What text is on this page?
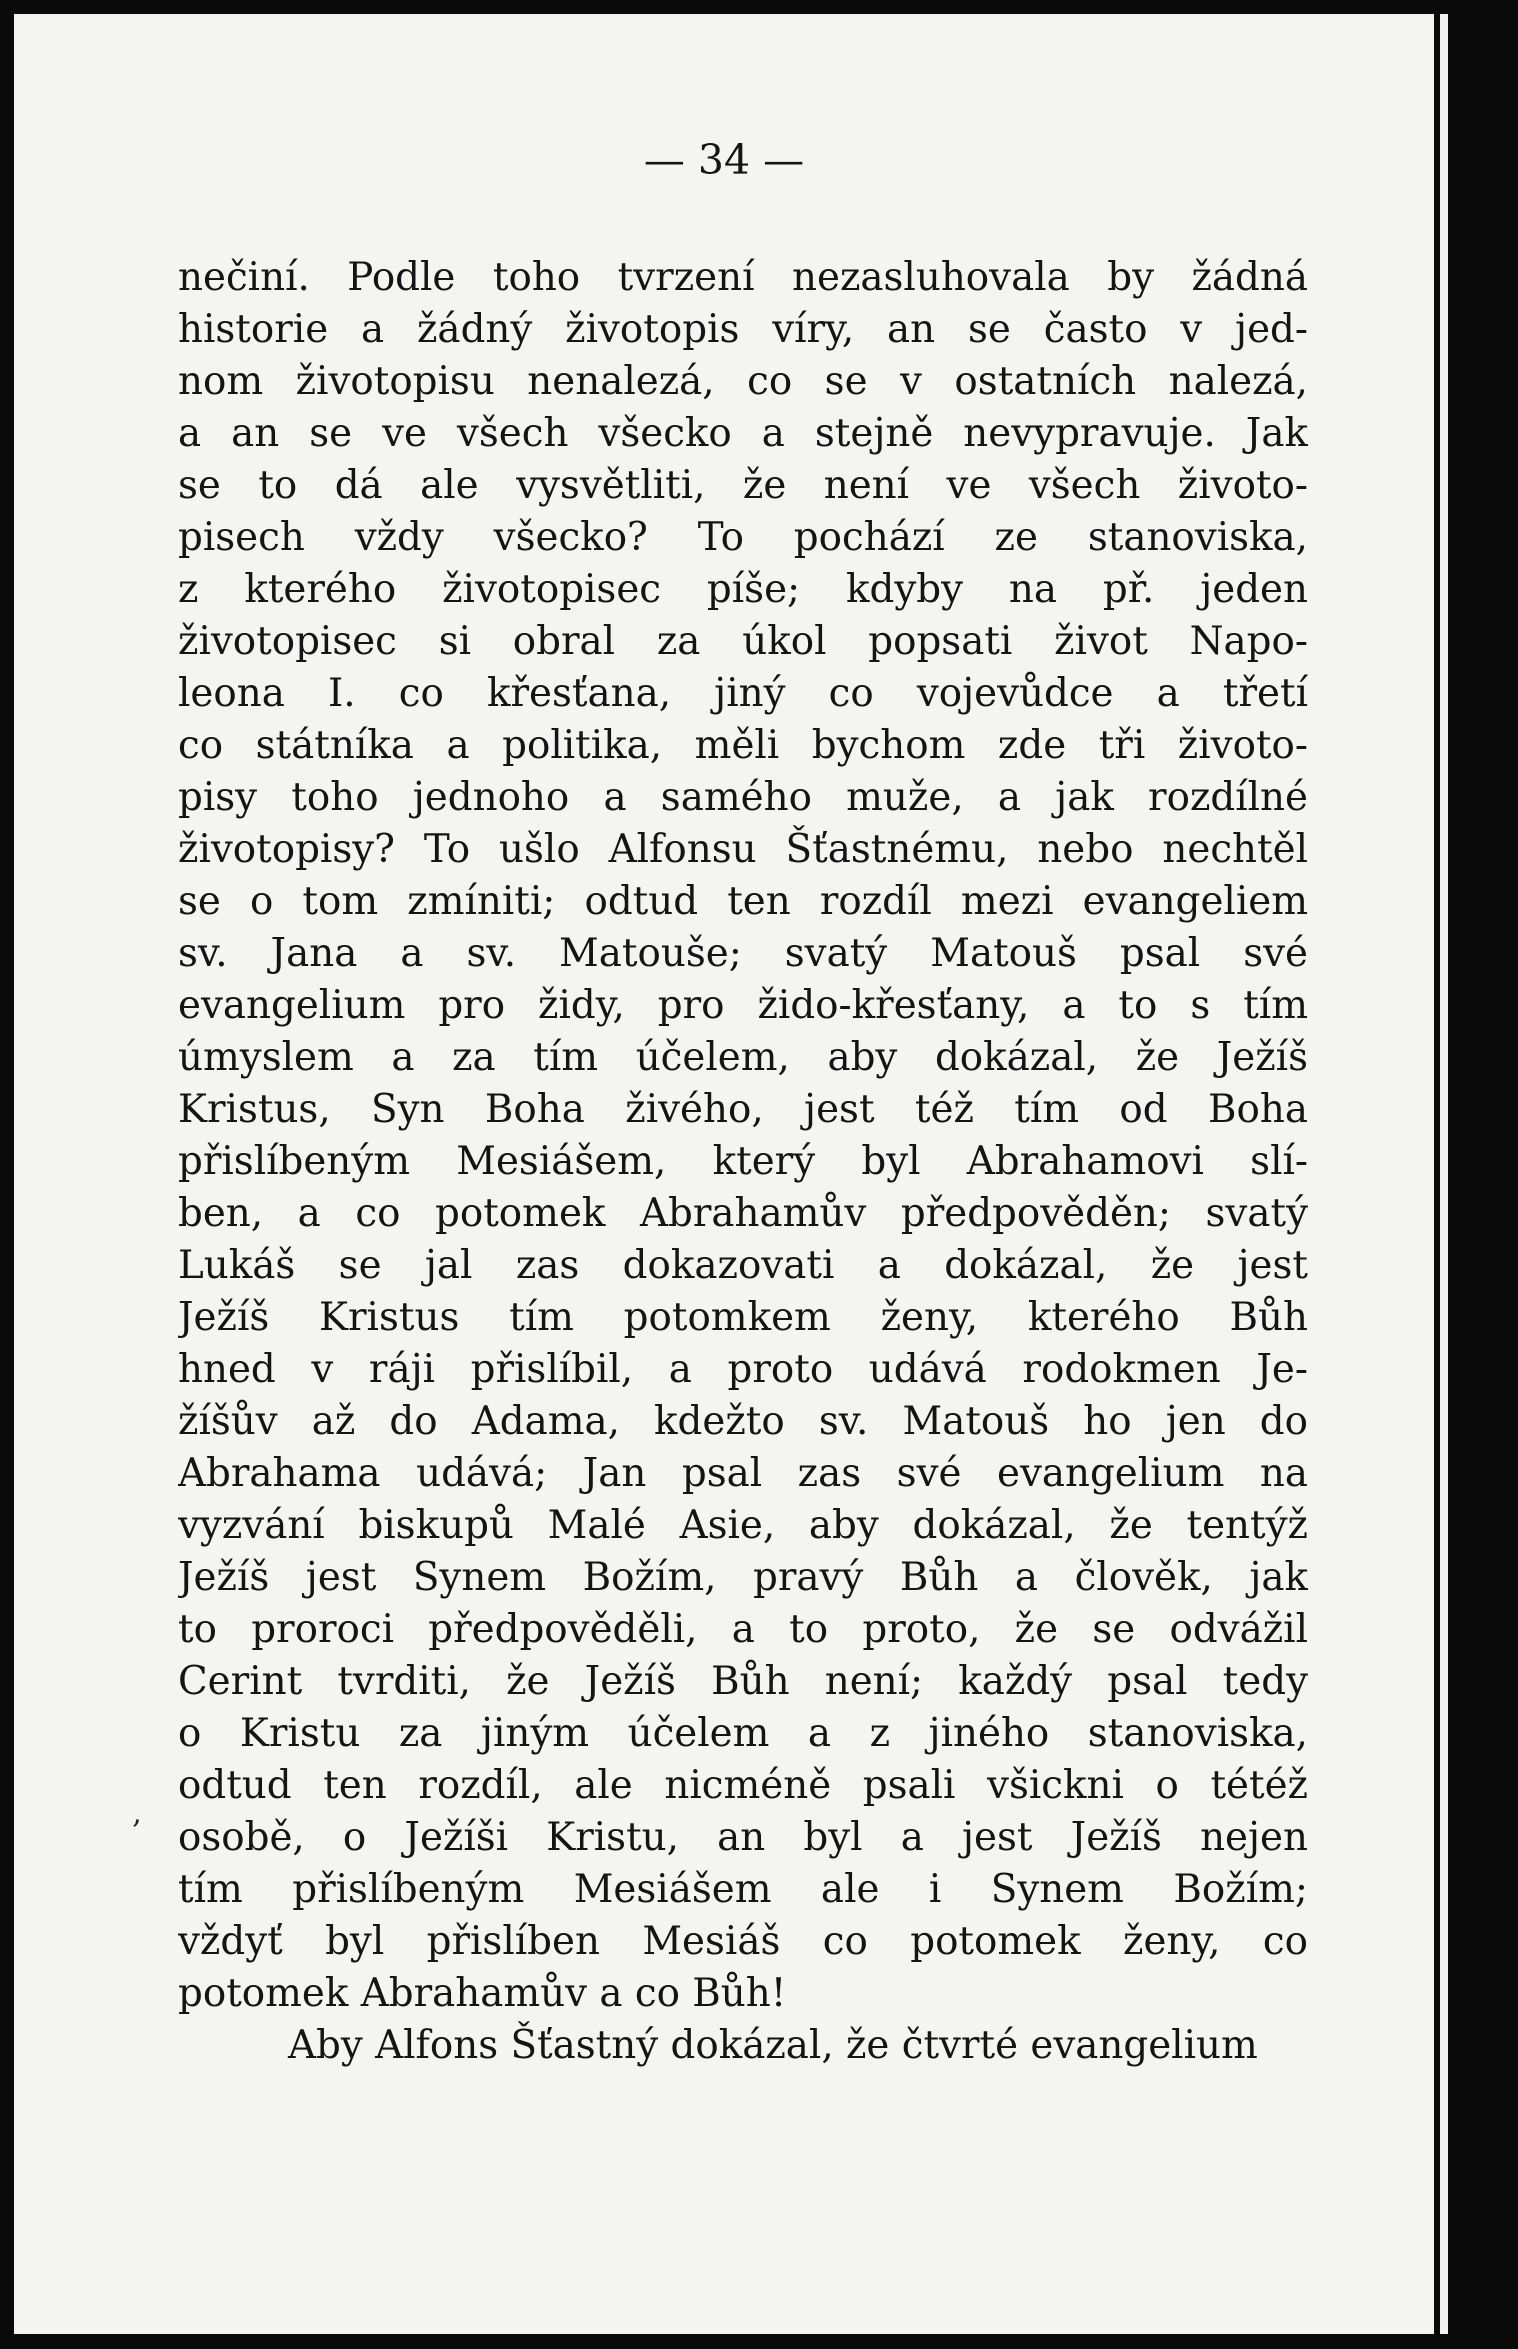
— 34 —
‚
nečiní. Podle toho tvrzení nezasluhovala by žádná
historie a žádný životopis víry, an se často v jed-
nom životopisu nenalezá, co se v ostatních nalezá,
a an se ve všech všecko a stejně nevypravuje. Jak
se to dá ale vysvětliti, že není ve všech životo-
pisech vždy všecko? To pochází ze stanoviska,
z kterého životopisec píše; kdyby na př. jeden
životopisec si obral za úkol popsati život Napo-
leona I. co křesťana, jiný co vojevůdce a třetí
co státníka a politika, měli bychom zde tři životo-
pisy toho jednoho a samého muže, a jak rozdílné
životopisy? To ušlo Alfonsu Šťastnému, nebo nechtěl
se o tom zmíniti; odtud ten rozdíl mezi evangeliem
sv. Jana a sv. Matouše; svatý Matouš psal své
evangelium pro židy, pro žido-křesťany, a to s tím
úmyslem a za tím účelem, aby dokázal, že Ježíš
Kristus, Syn Boha živého, jest též tím od Boha
přislíbeným Mesiášem, který byl Abrahamovi slí-
ben, a co potomek Abrahamův předpověděn; svatý
Lukáš se jal zas dokazovati a dokázal, že jest
Ježíš Kristus tím potomkem ženy, kterého Bůh
hned v ráji přislíbil, a proto udává rodokmen Je-
žíšův až do Adama, kdežto sv. Matouš ho jen do
Abrahama udává; Jan psal zas své evangelium na
vyzvání biskupů Malé Asie, aby dokázal, že tentýž
Ježíš jest Synem Božím, pravý Bůh a člověk, jak
to proroci předpověděli, a to proto, že se odvážil
Cerint tvrditi, že Ježíš Bůh není; každý psal tedy
o Kristu za jiným účelem a z jiného stanoviska,
odtud ten rozdíl, ale nicméně psali všickni o tétéž
osobě, o Ježíši Kristu, an byl a jest Ježíš nejen
tím přislíbeným Mesiášem ale i Synem Božím;
vždyť byl přislíben Mesiáš co potomek ženy, co
potomek Abrahamův a co Bůh!
Aby Alfons Šťastný dokázal, že čtvrté evangelium
